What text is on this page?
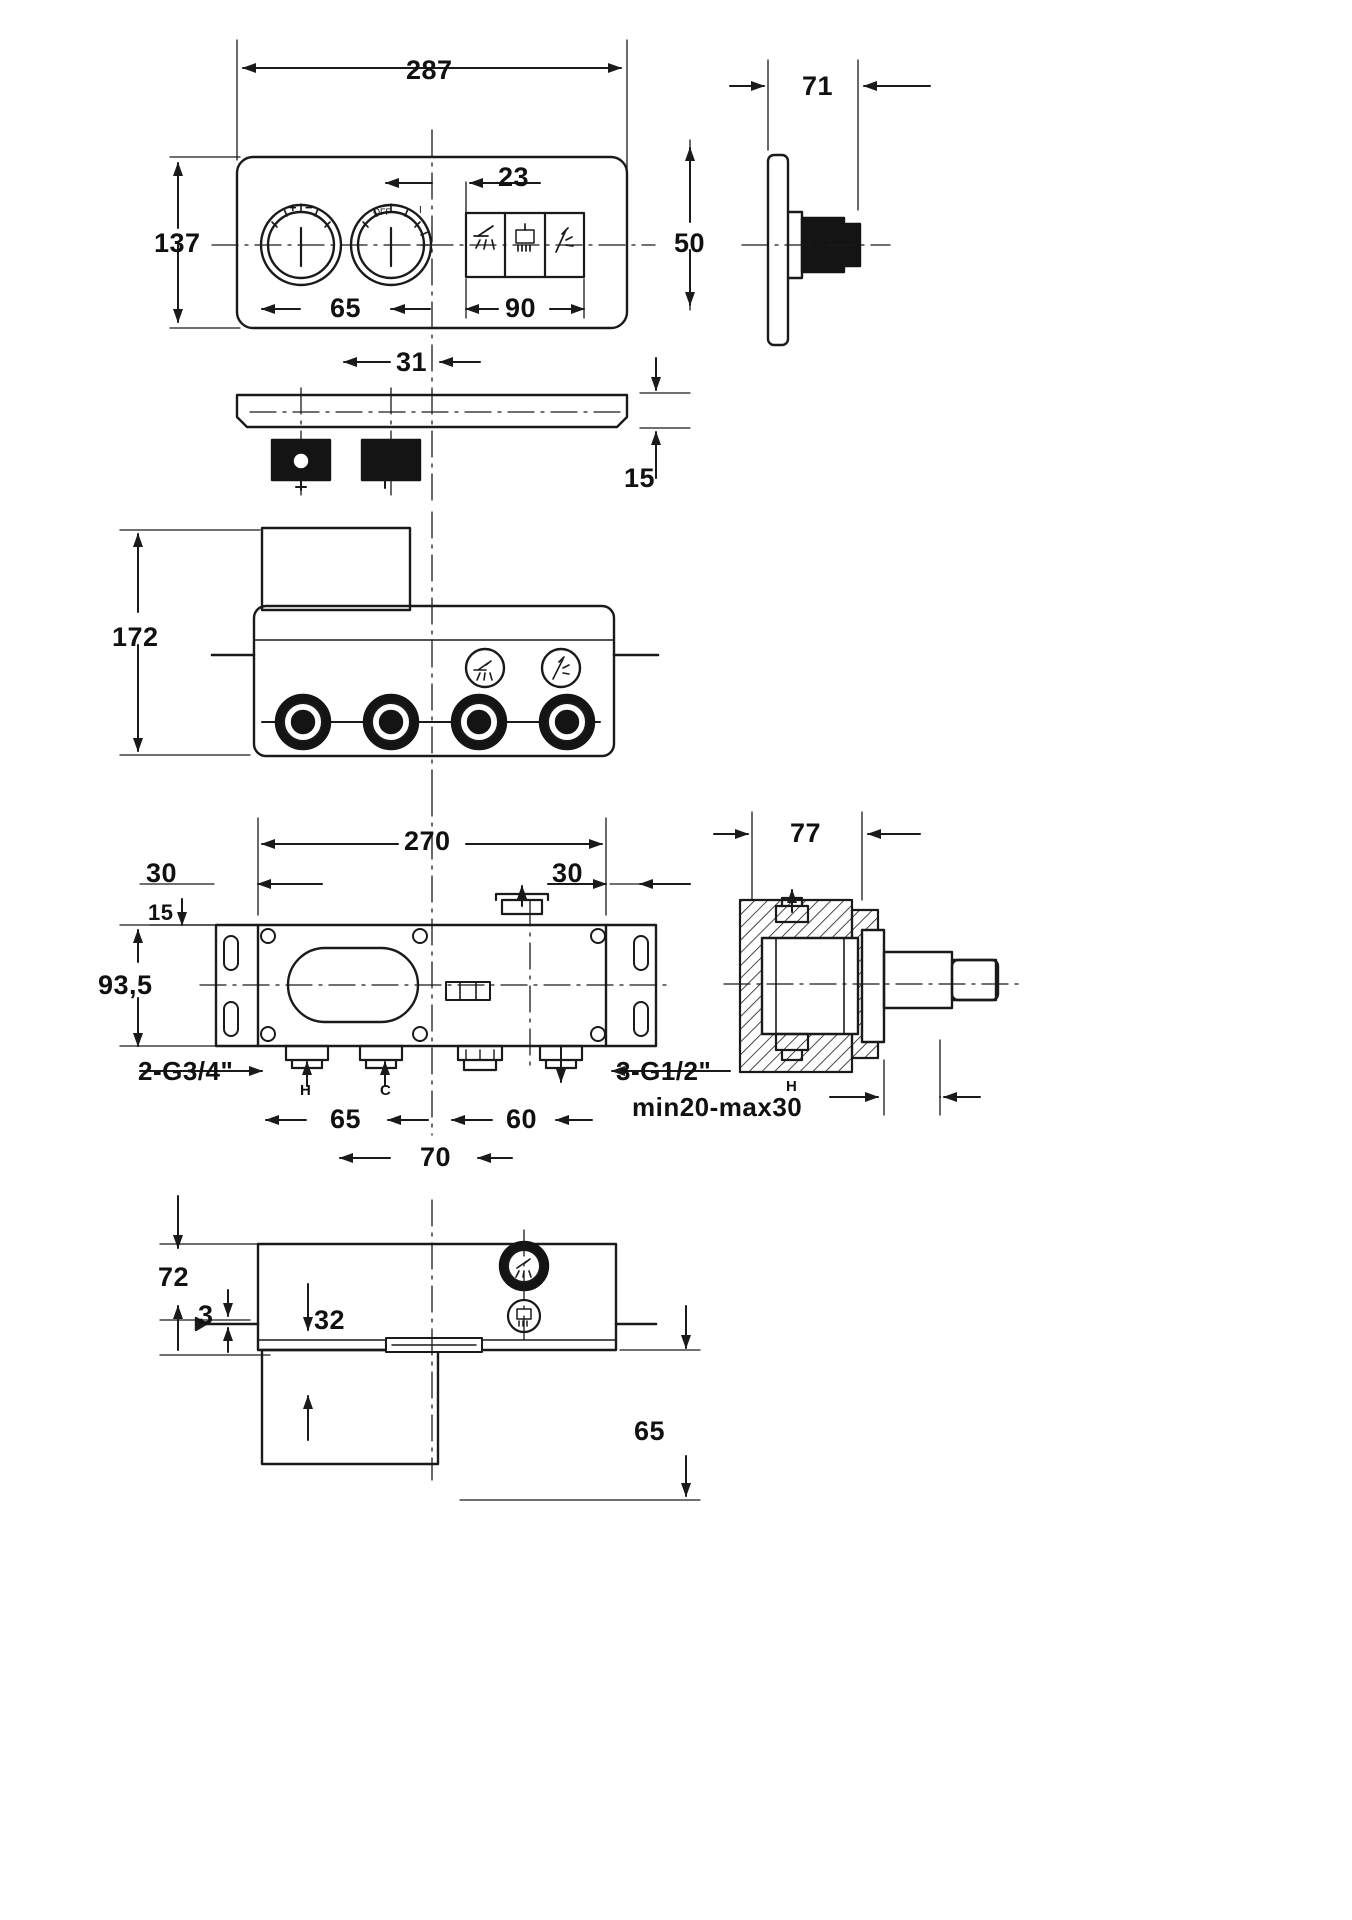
287
137
23
50
65	90
31
71
15
172
270
30	30
15
93,5
65	60
70
77
72
3	32
65
2-G3/4"	3-G1/2"
min20-max30
H	C	H
+ −	OFF	I
